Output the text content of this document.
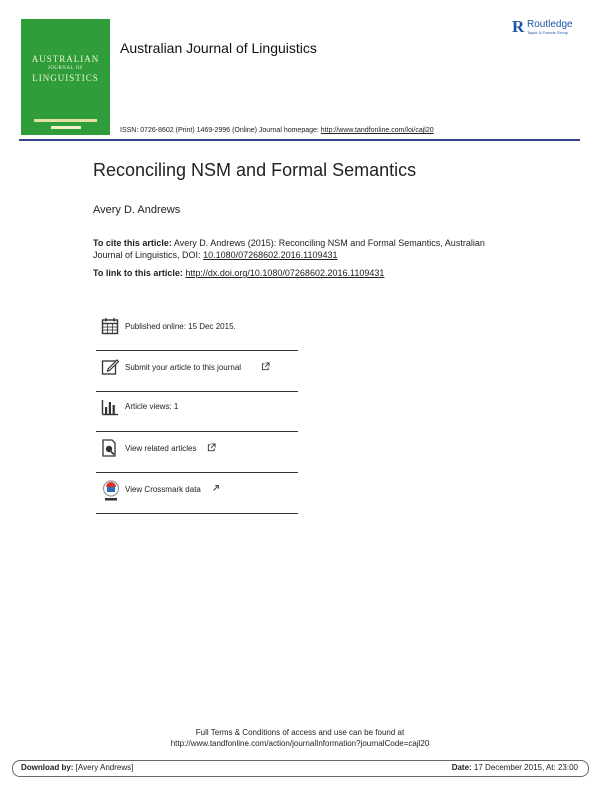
AUSTRALIAN
JOURNAL OF
LINGUISTICS
R Routledge
Taylor & Francis Group
Australian Journal of Linguistics
ISSN: 0726-8602 (Print) 1469-2996 (Online) Journal homepage: http://www.tandfonline.com/loi/cajl20
Reconciling NSM and Formal Semantics
Avery D. Andrews
To cite this article: Avery D. Andrews (2015): Reconciling NSM and Formal Semantics, Australian Journal of Linguistics, DOI: 10.1080/07268602.2016.1109431
To link to this article: http://dx.doi.org/10.1080/07268602.2016.1109431
Published online: 15 Dec 2015.
Submit your article to this journal
Article views: 1
View related articles
View Crossmark data
Full Terms & Conditions of access and use can be found at
http://www.tandfonline.com/action/journalInformation?journalCode=cajl20
Download by: [Avery Andrews]	Date: 17 December 2015, At: 23:00
